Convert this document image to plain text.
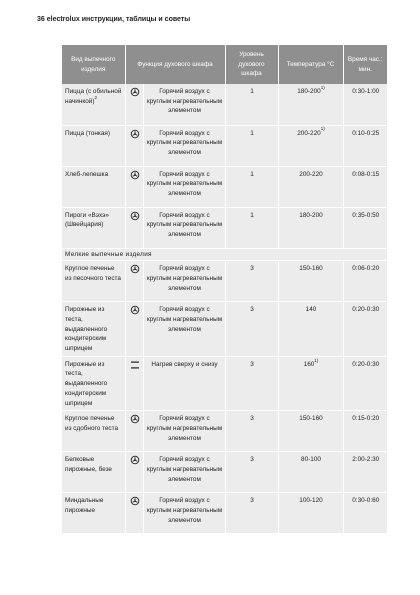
36 electrolux инструкции, таблицы и советы
Вид выпечного изделия	Функция духового шкафа		Уровень духового шкафа	Температура °C	Время час.: мин.
Пицца (с обильной начинкой)$^2$		Горячий воздух с круглым нагревательным элементом	1	180-200$^{1)}$	0:30-1:00
Пицца (тонкая)		Горячий воздух с круглым нагревательным элементом	1	200-220$^{1)}$	0:10-0:25
Хлеб-лепешка		Горячий воздух с круглым нагревательным элементом	1	200-220	0:08-0:15
Пироги «Вэхэ» (Швейцария)		Горячий воздух с круглым нагревательным элементом	1	180-200	0:35-0:50
Мелкие выпечные изделия					
Круглое печенье из песочного теста		Горячий воздух с круглым нагревательным элементом	3	150-160	0:06-0:20
Пирожные из теста, выдавленного кондитерским шприцем		Горячий воздух с круглым нагревательным элементом	3	140	0:20-0:30
Пирожные из теста, выдавленного кондитерским шприцем		Нагрев сверху и снизу	3	160$^{1)}$	0:20-0:30
Круглое печенье из сдобного теста		Горячий воздух с круглым нагревательным элементом	3	150-160	0:15-0:20
Белковые пирожные, безе		Горячий воздух с круглым нагревательным элементом	3	80-100	2:00-2:30
Миндальные пирожные		Горячий воздух с круглым нагревательным элементом	3	100-120	0:30-0:60
